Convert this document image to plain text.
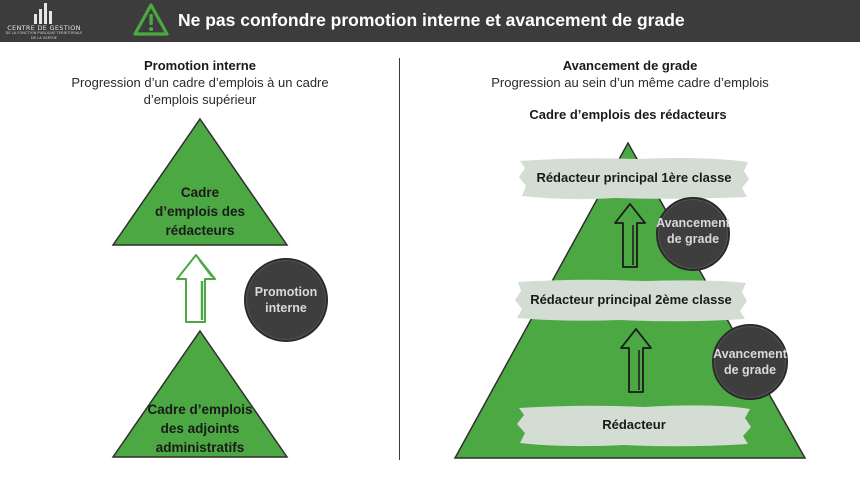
CENTRE DE GESTION
DE LA FONCTION PUBLIQUE TERRITORIALE
DE LA SARTHE
Ne pas confondre promotion interne et avancement de grade
Promotion interne
Progression d’un cadre d’emplois à un cadre
d’emplois supérieur
Cadre
d’emplois des
rédacteurs
Promotion
interne
Cadre d’emplois
des adjoints
administratifs
Avancement de grade
Progression au sein d’un même cadre d’emplois
Cadre d’emplois des rédacteurs
Rédacteur principal 1ère classe
Rédacteur principal 2ème classe
Rédacteur
Avancement
de grade
Avancement
de grade
